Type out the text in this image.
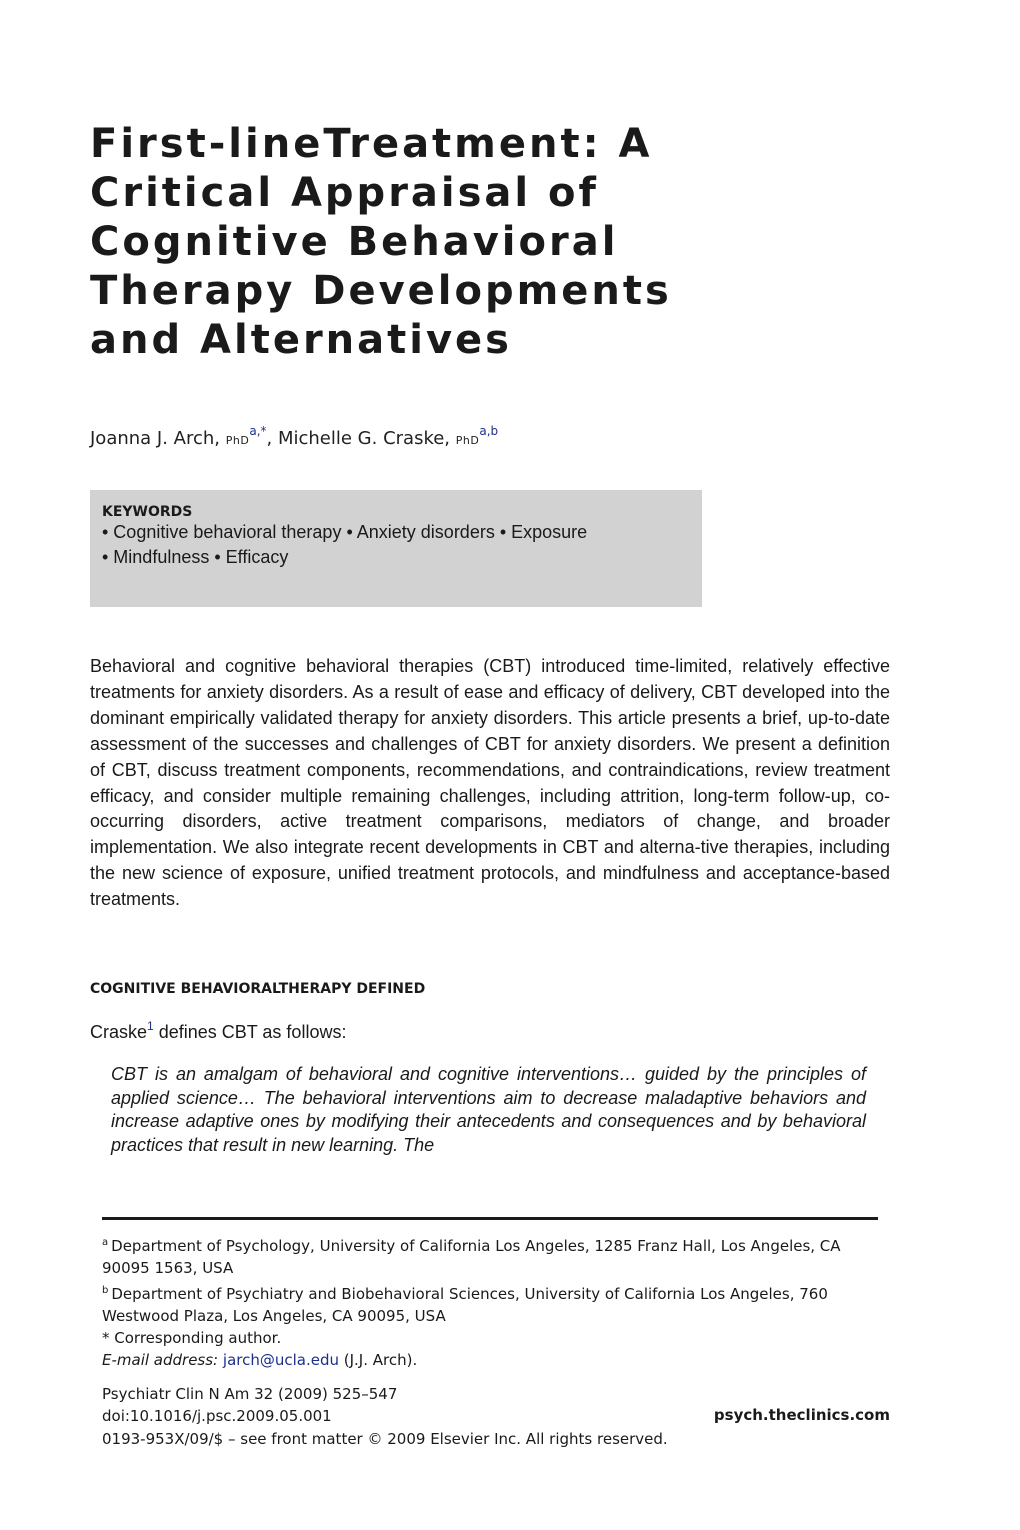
First-lineTreatment: A
Critical Appraisal of
Cognitive Behavioral
Therapy Developments
and Alternatives
Joanna J. Arch, PhD$^{a,*}$, Michelle G. Craske, PhD$^{a,b}$
KEYWORDS
• Cognitive behavioral therapy • Anxiety disorders • Exposure
• Mindfulness • Efficacy

Behavioral and cognitive behavioral therapies (CBT) introduced time-limited, relatively effective treatments for anxiety disorders. As a result of ease and efficacy of delivery, CBT developed into the dominant empirically validated therapy for anxiety disorders. This article presents a brief, up-to-date assessment of the successes and challenges of CBT for anxiety disorders. We present a definition of CBT, discuss treatment components, recommendations, and contraindications, review treatment efficacy, and consider multiple remaining challenges, including attrition, long-term follow-up, co-occurring disorders, active treatment comparisons, mediators of change, and broader implementation. We also integrate recent developments in CBT and alterna-tive therapies, including the new science of exposure, unified treatment protocols, and mindfulness and acceptance-based treatments.

COGNITIVE BEHAVIORALTHERAPY DEFINED
Craske$^1$ defines CBT as follows:

CBT is an amalgam of behavioral and cognitive interventions… guided by the principles of applied science… The behavioral interventions aim to decrease maladaptive behaviors and increase adaptive ones by modifying their antecedents and consequences and by behavioral practices that result in new learning. The

$^a$ Department of Psychology, University of California Los Angeles, 1285 Franz Hall, Los Angeles, CA 90095 1563, USA
$^b$ Department of Psychiatry and Biobehavioral Sciences, University of California Los Angeles, 760 Westwood Plaza, Los Angeles, CA 90095, USA
* Corresponding author.
E-mail address: jarch@ucla.edu (J.J. Arch).
Psychiatr Clin N Am 32 (2009) 525–547
doi:10.1016/j.psc.2009.05.001
0193-953X/09/$ – see front matter © 2009 Elsevier Inc. All rights reserved.
psych.theclinics.com
